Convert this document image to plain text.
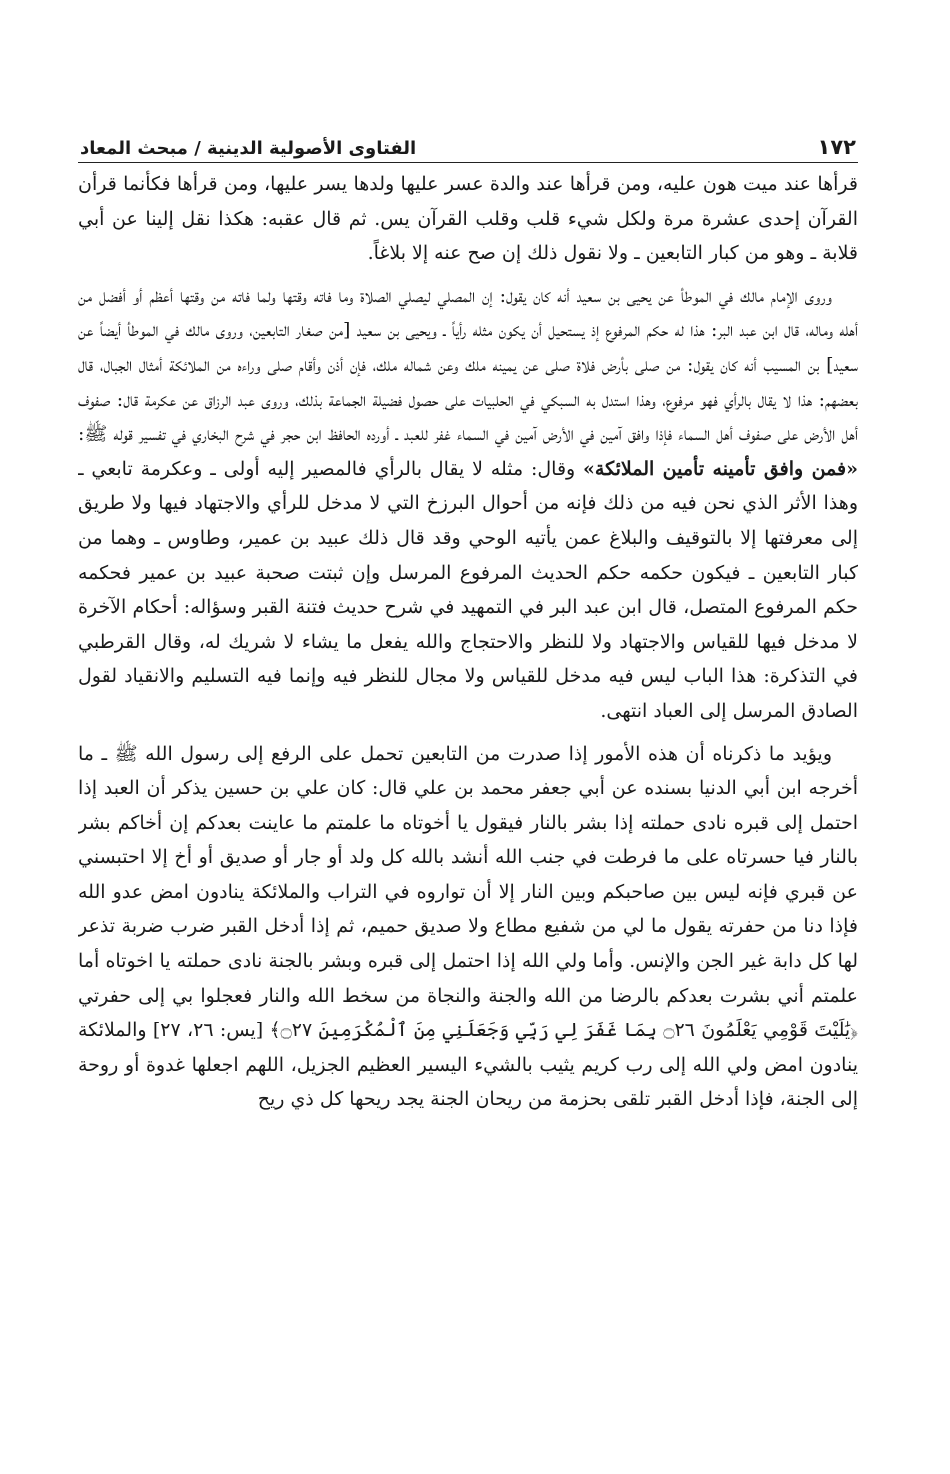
١٧٢
الفتاوى الأصولية الدينية / مبحث المعاد

قرأها عند ميت هون عليه، ومن قرأها عند والدة عسر عليها ولدها يسر عليها، ومن قرأها فكأنما قرأن القرآن إحدى عشرة مرة ولكل شيء قلب وقلب القرآن يس. ثم قال عقبه: هكذا نقل إلينا عن أبي قلابة ـ وهو من كبار التابعين ـ ولا نقول ذلك إن صح عنه إلا بلاغاً.

وروى الإمام مالك في الموطأ عن يحيى بن سعيد أنه كان يقول: إن المصلي ليصلي الصلاة وما فاته وقتها ولما فاته من وقتها أعظم أو أفضل من أهله وماله، قال ابن عبد البر: هذا له حكم المرفوع إذ يستحيل أن يكون مثله رأياً ـ ويحيى بن سعيد [من صغار التابعين، وروى مالك في الموطأ أيضاً عن سعيد] بن المسيب أنه كان يقول: من صلى بأرض فلاة صلى عن يمينه ملك وعن شماله ملك، فإن أذن وأقام صلى وراءه من الملائكة أمثال الجبال، قال بعضهم: هذا لا يقال بالرأي فهو مرفوع، وهذا استدل به السبكي في الحلبيات على حصول فضيلة الجماعة بذلك، وروى عبد الرزاق عن عكرمة قال: صفوف أهل الأرض على صفوف أهل السماء فإذا وافق آمين في الأرض آمين في السماء غفر للعبد ـ أورده الحافظ ابن حجر في شرح البخاري في تفسير قوله ﷺ: «فمن وافق تأمينه تأمين الملائكة» وقال: مثله لا يقال بالرأي فالمصير إليه أولى ـ وعكرمة تابعي ـ وهذا الأثر الذي نحن فيه من ذلك فإنه من أحوال البرزخ التي لا مدخل للرأي والاجتهاد فيها ولا طريق إلى معرفتها إلا بالتوقيف والبلاغ عمن يأتيه الوحي وقد قال ذلك عبيد بن عمير، وطاوس ـ وهما من كبار التابعين ـ فيكون حكمه حكم الحديث المرفوع المرسل وإن ثبتت صحبة عبيد بن عمير فحكمه حكم المرفوع المتصل، قال ابن عبد البر في التمهيد في شرح حديث فتنة القبر وسؤاله: أحكام الآخرة لا مدخل فيها للقياس والاجتهاد ولا للنظر والاحتجاج والله يفعل ما يشاء لا شريك له، وقال القرطبي في التذكرة: هذا الباب ليس فيه مدخل للقياس ولا مجال للنظر فيه وإنما فيه التسليم والانقياد لقول الصادق المرسل إلى العباد انتهى.

ويؤيد ما ذكرناه أن هذه الأمور إذا صدرت من التابعين تحمل على الرفع إلى رسول الله ﷺ ـ ما أخرجه ابن أبي الدنيا بسنده عن أبي جعفر محمد بن علي قال: كان علي بن حسين يذكر أن العبد إذا احتمل إلى قبره نادى حملته إذا بشر بالنار فيقول يا أخوتاه ما علمتم ما عاينت بعدكم إن أخاكم بشر بالنار فيا حسرتاه على ما فرطت في جنب الله أنشد بالله كل ولد أو جار أو صديق أو أخ إلا احتبسني عن قبري فإنه ليس بين صاحبكم وبين النار إلا أن تواروه في التراب والملائكة ينادون امض عدو الله فإذا دنا من حفرته يقول ما لي من شفيع مطاع ولا صديق حميم، ثم إذا أدخل القبر ضرب ضربة تذعر لها كل دابة غير الجن والإنس. وأما ولي الله إذا احتمل إلى قبره وبشر بالجنة نادى حملته يا اخوتاه أما علمتم أني بشرت بعدكم بالرضا من الله والجنة والنجاة من سخط الله والنار فعجلوا بي إلى حفرتي ﴿يَٰلَيْتَ قَوْمِي يَعْلَمُونَ ۝٢٦ بِمَا غَفَرَ لِي رَبِّي وَجَعَلَنِي مِنَ ٱلْمُكْرَمِينَ ۝٢٧﴾ [يس: ٢٦، ٢٧] والملائكة ينادون امض ولي الله إلى رب كريم يثيب بالشيء اليسير العظيم الجزيل، اللهم اجعلها غدوة أو روحة إلى الجنة، فإذا أدخل القبر تلقى بحزمة من ريحان الجنة يجد ريحها كل ذي ريح
